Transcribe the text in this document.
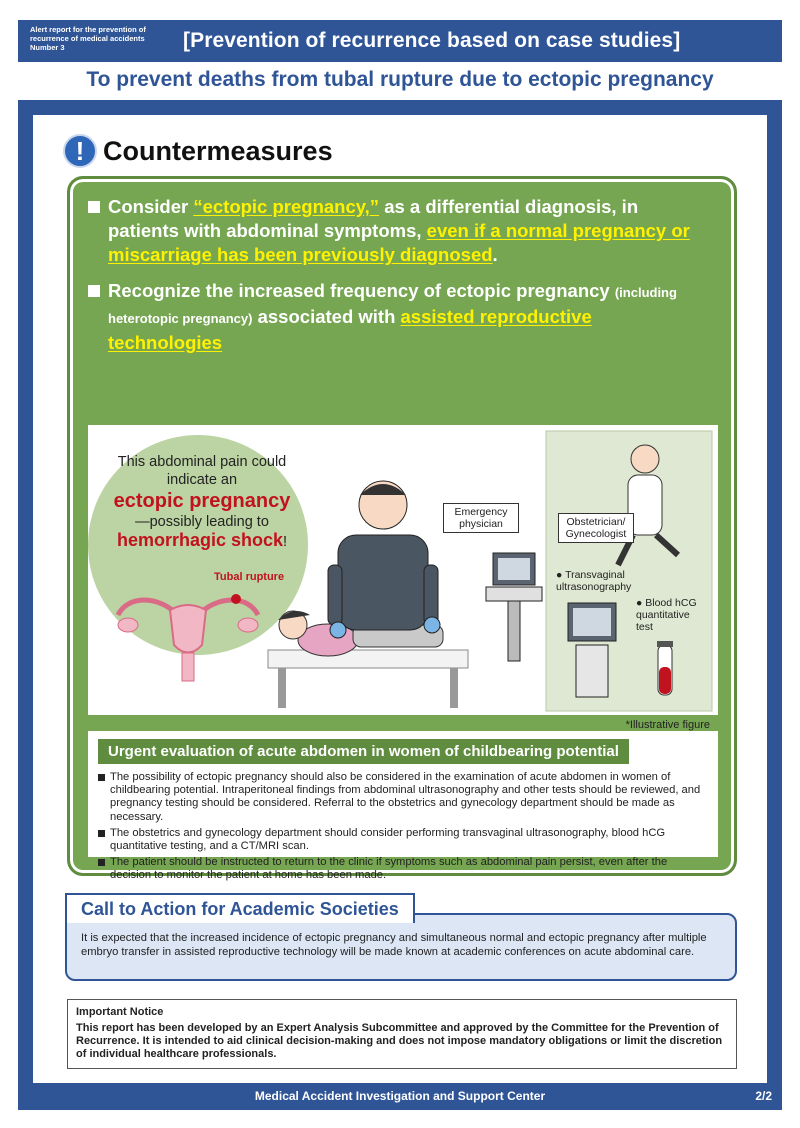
Alert report for the prevention of recurrence of medical accidents Number 3	[Prevention of recurrence based on case studies]
To prevent deaths from tubal rupture due to ectopic pregnancy
! Countermeasures
Consider “ectopic pregnancy,” as a differential diagnosis, in patients with abdominal symptoms, even if a normal pregnancy or miscarriage has been previously diagnosed.
Recognize the increased frequency of ectopic pregnancy (including heterotopic pregnancy) associated with assisted reproductive technologies
This abdominal pain could indicate an
ectopic pregnancy
—possibly leading to
hemorrhagic shock!
Tubal rupture
Emergency physician	Obstetrician/ Gynecologist
● Transvaginal ultrasonography
● Blood hCG quantitative test
*Illustrative figure
Urgent evaluation of acute abdomen in women of childbearing potential
The possibility of ectopic pregnancy should also be considered in the examination of acute abdomen in women of childbearing potential. Intraperitoneal findings from abdominal ultrasonography and other tests should be reviewed, and pregnancy testing should be considered. Referral to the obstetrics and gynecology department should be made as necessary.
The obstetrics and gynecology department should consider performing transvaginal ultrasonography, blood hCG quantitative testing, and a CT/MRI scan.
The patient should be instructed to return to the clinic if symptoms such as abdominal pain persist, even after the decision to monitor the patient at home has been made.
Call to Action for Academic Societies
It is expected that the increased incidence of ectopic pregnancy and simultaneous normal and ectopic pregnancy after multiple embryo transfer in assisted reproductive technology will be made known at academic conferences on acute abdominal care.
Important Notice
This report has been developed by an Expert Analysis Subcommittee and approved by the Committee for the Prevention of Recurrence. It is intended to aid clinical decision-making and does not impose mandatory obligations or limit the discretion of individual healthcare professionals.
Medical Accident Investigation and Support Center	2/2
